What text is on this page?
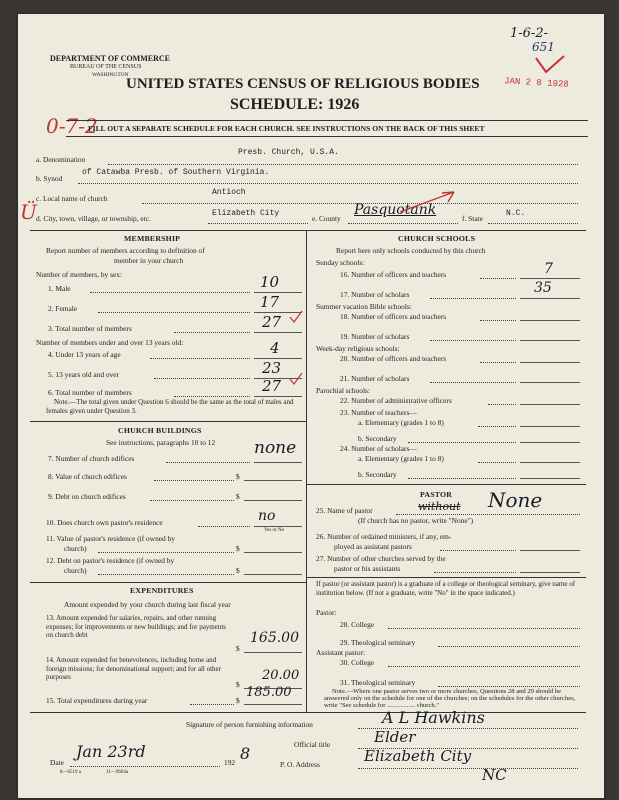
DEPARTMENT OF COMMERCE
BUREAU OF THE CENSUS
WASHINGTON
UNITED STATES CENSUS OF RELIGIOUS BODIES
SCHEDULE: 1926
1-6-2-
651
JAN 2 8 1928
0-7-2
Ü
FILL OUT A SEPARATE SCHEDULE FOR EACH CHURCH. SEE INSTRUCTIONS ON THE BACK OF THIS SHEET
a. Denomination
Presb. Church, U.S.A.
b. Synod
of Catawba Presb. of Southern Virginia.
c. Local name of church
Antioch
d. City, town, village, or township, etc.
Elizabeth City
e. County
Pasquotank
f. State
N.C.
MEMBERSHIP
Report number of members according to definition of
member in your church
Number of members, by sex:
1. Male	10
2. Female	17
3. Total number of members	27
Number of members under and over 13 years old:
4. Under 13 years of age	4
5. 13 years old and over	23
6. Total number of members	27
Note.—The total given under Question 6 should be the same as the total of males and females given under Question 3.
CHURCH BUILDINGS
See instructions, paragraphs 10 to 12
7. Number of church edifices
none
8. Value of church edifices	$
9. Debt on church edifices	$
10. Does church own pastor's residence	no
Yes or No
11. Value of pastor's residence (if owned by
church)	$
12. Debt on pastor's residence (if owned by
church)	$
EXPENDITURES
Amount expended by your church during last fiscal year
13. Amount expended for salaries, repairs, and other running expenses; for improvements or new buildings; and for payments on church debt
$
165.00
14. Amount expended for benevolences, including home and foreign missions; for denominational support; and for all other purposes
$
20.00
15. Total expenditures during year	$
185.00
CHURCH SCHOOLS
Report here only schools conducted by this church
Sunday schools:
16. Number of officers and teachers	7
17. Number of scholars	35
Summer vacation Bible schools:
18. Number of officers and teachers
19. Number of scholars
Week-day religious schools:
20. Number of officers and teachers
21. Number of scholars
Parochial schools:
22. Number of administrative officers
23. Number of teachers—
a. Elementary (grades 1 to 8)
b. Secondary
24. Number of scholars—
a. Elementary (grades 1 to 8)
b. Secondary
PASTOR
25. Name of pastor	without None
(If church has no pastor, write "None")
26. Number of ordained ministers, if any, em-
ployed as assistant pastors
27. Number of other churches served by the
pastor or his assistants
If pastor (or assistant pastor) is a graduate of a college or theological seminary, give name of institution below. (If not a graduate, write "No" in the space indicated.)
Pastor:
28. College
29. Theological seminary
Assistant pastor:
30. College
31. Theological seminary
Note.—Where one pastor serves two or more churches, Questions 28 and 29 should be answered only on the schedule for one of the churches; on the schedules for the other churches, write "See schedule for ................. church."
Signature of person furnishing information	A L Hawkins
Official title	Elder
P. O. Address	Elizabeth City
NC
Date
Jan 23rd
192 8
8—6519 a	11—9664a
